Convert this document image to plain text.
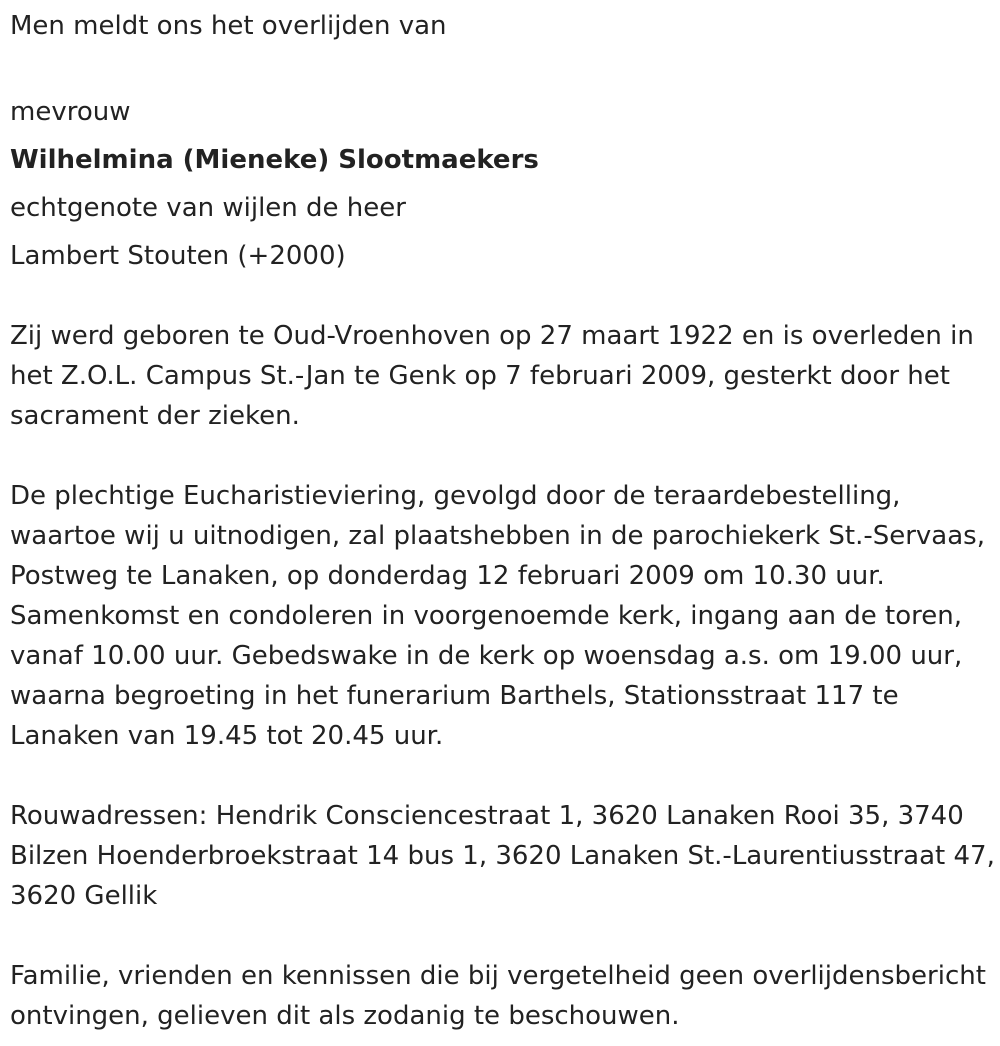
Men meldt ons het overlijden van

mevrouw

Wilhelmina (Mieneke) Slootmaekers

echtgenote van wijlen de heer

Lambert Stouten (+2000)

Zij werd geboren te Oud-Vroenhoven op 27 maart 1922 en is overleden in het Z.O.L. Campus St.-Jan te Genk op 7 februari 2009, gesterkt door het sacrament der zieken.

De plechtige Eucharistieviering, gevolgd door de teraardebestelling, waartoe wij u uitnodigen, zal plaatshebben in de parochiekerk St.-Servaas, Postweg te Lanaken, op donderdag 12 februari 2009 om 10.30 uur. Samenkomst en condoleren in voorgenoemde kerk, ingang aan de toren, vanaf 10.00 uur. Gebedswake in de kerk op woensdag a.s. om 19.00 uur, waarna begroeting in het funerarium Barthels, Stationsstraat 117 te Lanaken van 19.45 tot 20.45 uur.

Rouwadressen: Hendrik Consciencestraat 1, 3620 Lanaken Rooi 35, 3740 Bilzen Hoenderbroekstraat 14 bus 1, 3620 Lanaken St.-Laurentiusstraat 47, 3620 Gellik

Familie, vrienden en kennissen die bij vergetelheid geen overlijdensbericht ontvingen, gelieven dit als zodanig te beschouwen.
